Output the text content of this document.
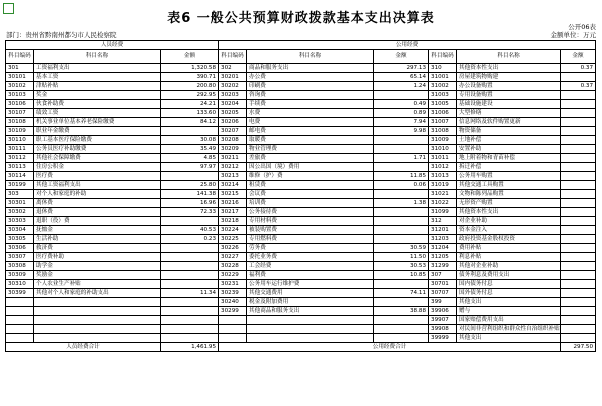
表6 一般公共预算财政拨款基本支出决算表
公开06表
部门：贵州省黔南州都匀市人民检察院	金额单位：万元
人员经费			公用经费					
科目编码	科目名称	金额	科目编码	科目名称	金额	科目编码	科目名称	金额
301	工资福利支出	1,320.58	302	商品和服务支出	297.13	310	其他资本性支出	0.37
30101	基本工资	390.71	30201	办公费	65.14	31001	房屋建筑物购建	
30102	津贴补贴	200.80	30202	印刷费	1.24	31002	办公设备购置	0.37
30103	奖金	292.95	30203	咨询费		31003	专用设备购置	
30106	伙食补助费	24.21	30204	手续费	0.49	31005	基础设施建设	
30107	绩效工资	133.60	30205	水费	0.89	31006	大型修缮	
30108	机关事业单位基本养老保险缴费	84.12	30206	电费	7.94	31007	信息网络及软件购置更新	
30109	职业年金缴费		30207	邮电费	9.98	31008	物资储备	
30110	职工基本医疗保险缴费	30.08	30208	取暖费		31009	土地补偿	
30111	公务员医疗补助缴费	35.49	30209	物业管理费		31010	安置补助	
30112	其他社会保障缴费	4.85	30211	差旅费	1.71	31011	地上附着物和青苗补偿	
30113	住房公积金	97.97	30212	因公出国（境）费用		31012	拆迁补偿	
30114	医疗费		30213	维修（护）费	11.85	31013	公务用车购置	
30199	其他工资福利支出	25.80	30214	租赁费	0.06	31019	其他交通工具购置	
303	对个人和家庭的补助	141.38	30215	会议费		31021	文物和陈列品购置	
30301	离休费	16.96	30216	培训费	1.38	31022	无形资产购置	
30302	退休费	72.33	30217	公务接待费		31099	其他资本性支出	
30303	退职（役）费		30218	专用材料费		312	对企业补助	
30304	抚恤金	40.53	30224	被装购置费		31201	资本金注入	
30305	生活补助	0.23	30225	专用燃料费		31203	政府投资基金股权投资	
30306	救济费		30226	劳务费	30.59	31204	费用补贴	
30307	医疗费补助		30227	委托业务费	11.50	31205	利息补贴	
30308	助学金		30228	工会经费	30.53	31299	其他对企业补助	
30309	奖励金		30229	福利费	10.85	307	债务利息及费用支出	
30310	个人农业生产补贴		30231	公务用车运行维护费		30701	国内债务付息	
30399	其他对个人和家庭的补助支出	11.34	30239	其他交通费用	74.11	30707	国外债务付息	
			30240	税金及附加费用		399	其他支出	
			30299	其他商品和服务支出	38.88	39906	赠与	
						39907	国家赔偿费用支出	
						39908	对民间非营利组织和群众性自治组织补贴	
						39999	其他支出	
人员经费合计		1,461.95	公用经费合计					297.50
